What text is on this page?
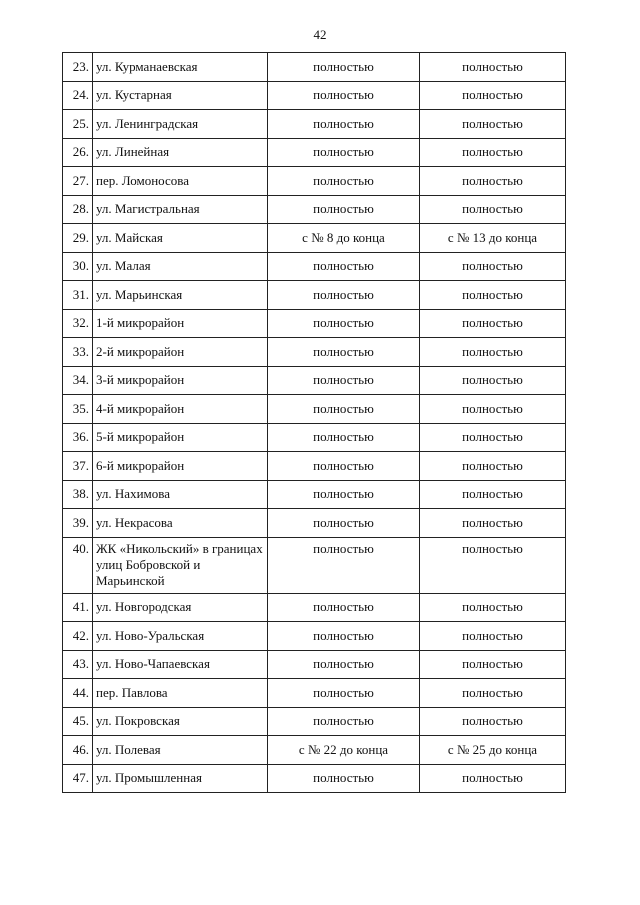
42
23.	ул. Курманаевская	полностью	полностью
24.	ул. Кустарная	полностью	полностью
25.	ул. Ленинградская	полностью	полностью
26.	ул. Линейная	полностью	полностью
27.	пер. Ломоносова	полностью	полностью
28.	ул. Магистральная	полностью	полностью
29.	ул. Майская	с № 8 до конца	с № 13 до конца
30.	ул. Малая	полностью	полностью
31.	ул. Марьинская	полностью	полностью
32.	1-й микрорайон	полностью	полностью
33.	2-й микрорайон	полностью	полностью
34.	3-й микрорайон	полностью	полностью
35.	4-й микрорайон	полностью	полностью
36.	5-й микрорайон	полностью	полностью
37.	6-й микрорайон	полностью	полностью
38.	ул. Нахимова	полностью	полностью
39.	ул. Некрасова	полностью	полностью
40.	ЖК «Никольский» в границах улиц Бобровской и Марьинской	полностью	полностью
41.	ул. Новгородская	полностью	полностью
42.	ул. Ново-Уральская	полностью	полностью
43.	ул. Ново-Чапаевская	полностью	полностью
44.	пер. Павлова	полностью	полностью
45.	ул. Покровская	полностью	полностью
46.	ул. Полевая	с № 22 до конца	с № 25 до конца
47.	ул. Промышленная	полностью	полностью
